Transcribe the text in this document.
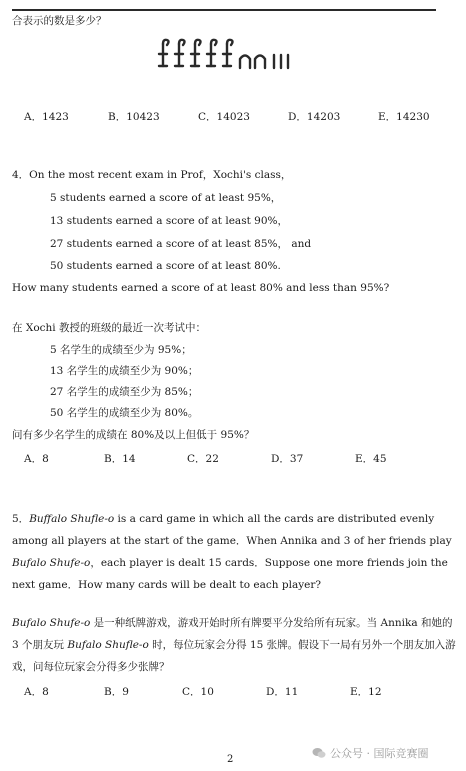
合表示的数是多少？
A．1423	B．10423	C．14023	D．14203	E．14230
4．On the most recent exam in Prof，Xochi's class，
5 students earned a score of at least 95%，
13 students earned a score of at least 90%，
27 students earned a score of at least 85%， and
50 students earned a score of at least 80%.
How many students earned a score of at least 80% and less than 95%?
在 Xochi 教授的班级的最近一次考试中：
5 名学生的成绩至少为 95%；
13 名学生的成绩至少为 90%；
27 名学生的成绩至少为 85%；
50 名学生的成绩至少为 80%。
问有多少名学生的成绩在 80%及以上但低于 95%？
A．8	B．14	C．22	D．37	E．45
5．Buffalo Shufle-o is a card game in which all the cards are distributed evenly among all players at the start of the game．When Annika and 3 of her friends play Bufalo Shufe-o，each player is dealt 15 cards．Suppose one more friends join the next game．How many cards will be dealt to each player?
Bufalo Shufe-o 是一种纸牌游戏，游戏开始时所有牌要平分发给所有玩家。当 Annika 和她的 3 个朋友玩 Bufalo Shufle-o 时，每位玩家会分得 15 张牌。假设下一局有另外一个朋友加入游戏，问每位玩家会分得多少张牌？
A．8	B．9	C．10	D．11	E．12
2	公众号 · 国际竞赛圈
